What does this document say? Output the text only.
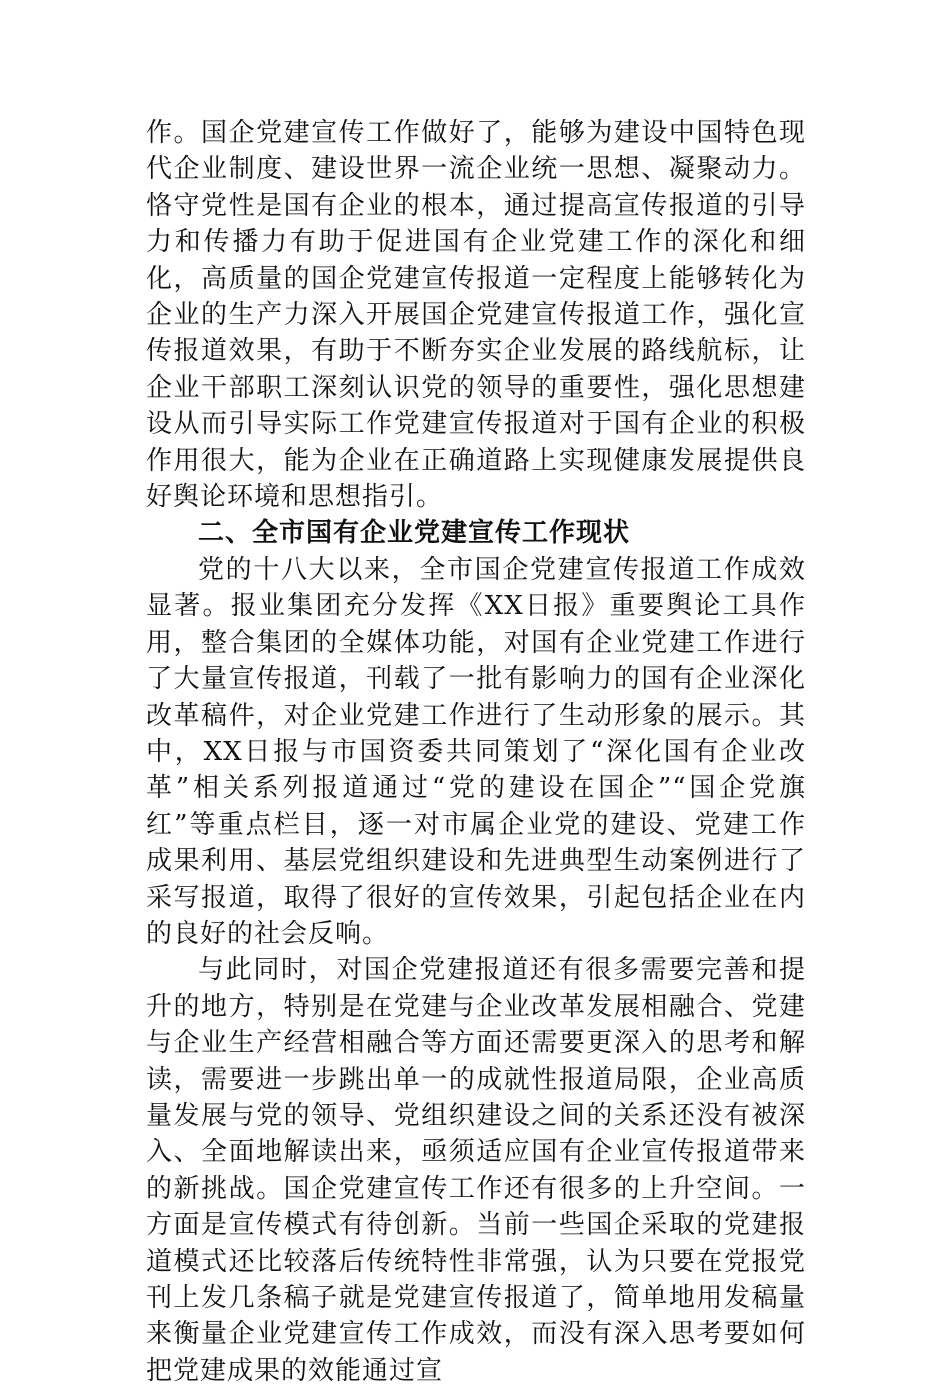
作。国企党建宣传工作做好了，能够为建设中国特色现代企业制度、建设世界一流企业统一思想、凝聚动力。恪守党性是国有企业的根本，通过提高宣传报道的引导力和传播力有助于促进国有企业党建工作的深化和细化，高质量的国企党建宣传报道一定程度上能够转化为企业的生产力深入开展国企党建宣传报道工作，强化宣传报道效果，有助于不断夯实企业发展的路线航标，让企业干部职工深刻认识党的领导的重要性，强化思想建设从而引导实际工作党建宣传报道对于国有企业的积极作用很大，能为企业在正确道路上实现健康发展提供良好舆论环境和思想指引。

二、全市国有企业党建宣传工作现状

党的十八大以来，全市国企党建宣传报道工作成效显著。报业集团充分发挥《XX日报》重要舆论工具作用，整合集团的全媒体功能，对国有企业党建工作进行了大量宣传报道，刊载了一批有影响力的国有企业深化改革稿件，对企业党建工作进行了生动形象的展示。其中，XX日报与市国资委共同策划了“深化国有企业改革”相关系列报道通过“党的建设在国企”“国企党旗红”等重点栏目，逐一对市属企业党的建设、党建工作成果利用、基层党组织建设和先进典型生动案例进行了采写报道，取得了很好的宣传效果，引起包括企业在内的良好的社会反响。

与此同时，对国企党建报道还有很多需要完善和提升的地方，特别是在党建与企业改革发展相融合、党建与企业生产经营相融合等方面还需要更深入的思考和解读，需要进一步跳出单一的成就性报道局限，企业高质量发展与党的领导、党组织建设之间的关系还没有被深入、全面地解读出来，亟须适应国有企业宣传报道带来的新挑战。国企党建宣传工作还有很多的上升空间。一方面是宣传模式有待创新。当前一些国企采取的党建报道模式还比较落后传统特性非常强，认为只要在党报党刊上发几条稿子就是党建宣传报道了，简单地用发稿量来衡量企业党建宣传工作成效，而没有深入思考要如何把党建成果的效能通过宣
